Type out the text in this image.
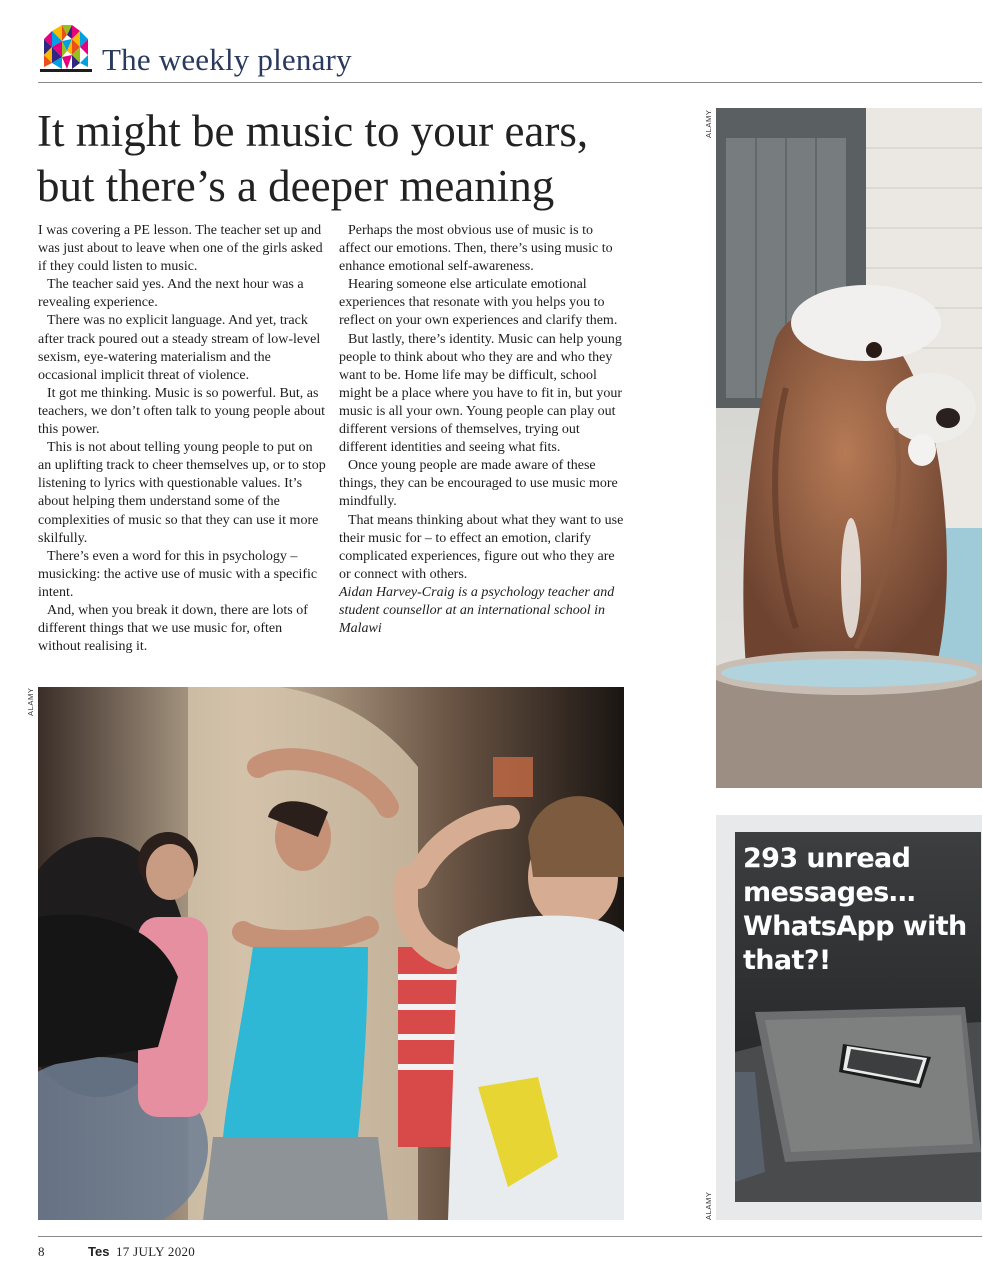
The weekly plenary
It might be music to your ears,
but there’s a deeper meaning

I was covering a PE lesson. The teacher set up and was just about to leave when one of the girls asked if they could listen to music.

The teacher said yes. And the next hour was a revealing experience.

There was no explicit language. And yet, track after track poured out a steady stream of low-level sexism, eye-watering materialism and the occasional implicit threat of violence.

It got me thinking. Music is so powerful. But, as teachers, we don’t often talk to young people about this power.

This is not about telling young people to put on an uplifting track to cheer themselves up, or to stop listening to lyrics with questionable values. It’s about helping them understand some of the complexities of music so that they can use it more skilfully.

There’s even a word for this in psychology – musicking: the active use of music with a specific intent.

And, when you break it down, there are lots of different things that we use music for, often without realising it.

Perhaps the most obvious use of music is to affect our emotions. Then, there’s using music to enhance emotional self-awareness.

Hearing someone else articulate emotional experiences that resonate with you helps you to reflect on your own experiences and clarify them.

But lastly, there’s identity. Music can help young people to think about who they are and who they want to be. Home life may be difficult, school might be a place where you have to fit in, but your music is all your own. Young people can play out different versions of themselves, trying out different identities and seeing what fits.

Once young people are made aware of these things, they can be encouraged to use music more mindfully.

That means thinking about what they want to use their music for – to effect an emotion, clarify complicated experiences, figure out who they are or connect with others.

Aidan Harvey-Craig is a psychology teacher and student counsellor at an international school in Malawi

ALAMY
ALAMY
293 unread messages… WhatsApp with that?!
ALAMY
8	Tes 17 JULY 2020
